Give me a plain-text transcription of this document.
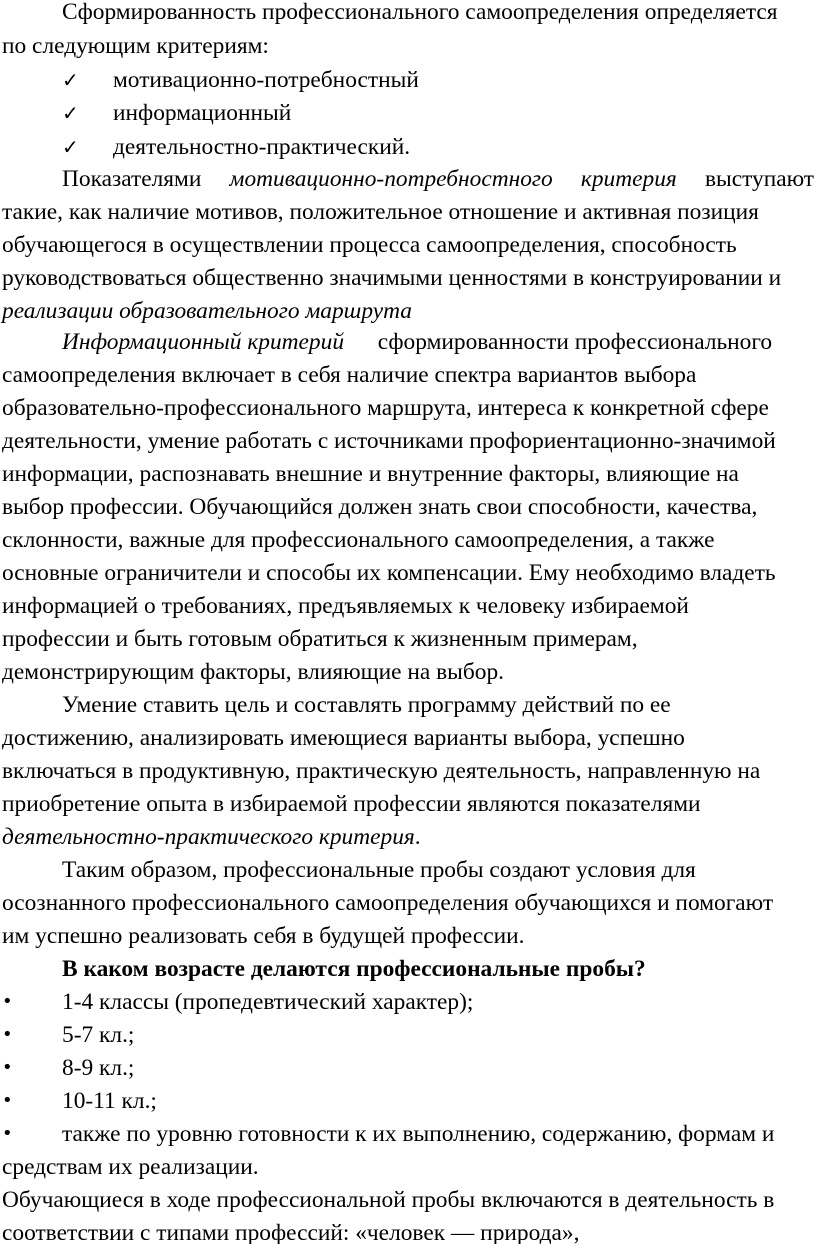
Сформированность профессионального самоопределения определяется
по следующим критериям:
✓ мотивационно-потребностный
✓ информационный
✓ деятельностно-практический.
Показателями мотивационно-потребностного критерия выступают
такие, как наличие мотивов, положительное отношение и активная позиция
обучающегося в осуществлении процесса самоопределения, способность
руководствоваться общественно значимыми ценностями в конструировании и
реализации образовательного маршрута
Информационный критерий сформированности профессионального
самоопределения включает в себя наличие спектра вариантов выбора
образовательно-профессионального маршрута, интереса к конкретной сфере
деятельности, умение работать с источниками профориентационно-значимой
информации, распознавать внешние и внутренние факторы, влияющие на
выбор профессии. Обучающийся должен знать свои способности, качества,
склонности, важные для профессионального самоопределения, а также
основные ограничители и способы их компенсации. Ему необходимо владеть
информацией о требованиях, предъявляемых к человеку избираемой
профессии и быть готовым обратиться к жизненным примерам,
демонстрирующим факторы, влияющие на выбор.
Умение ставить цель и составлять программу действий по ее
достижению, анализировать имеющиеся варианты выбора, успешно
включаться в продуктивную, практическую деятельность, направленную на
приобретение опыта в избираемой профессии являются показателями
деятельностно-практического критерия.
Таким образом, профессиональные пробы создают условия для
осознанного профессионального самоопределения обучающихся и помогают
им успешно реализовать себя в будущей профессии.
В каком возрасте делаются профессиональные пробы?
• 1-4 классы (пропедевтический характер);
• 5-7 кл.;
• 8-9 кл.;
• 10-11 кл.;
• также по уровню готовности к их выполнению, содержанию, формам и
средствам их реализации.
Обучающиеся в ходе профессиональной пробы включаются в деятельность в
соответствии с типами профессий: «человек — природа»,
